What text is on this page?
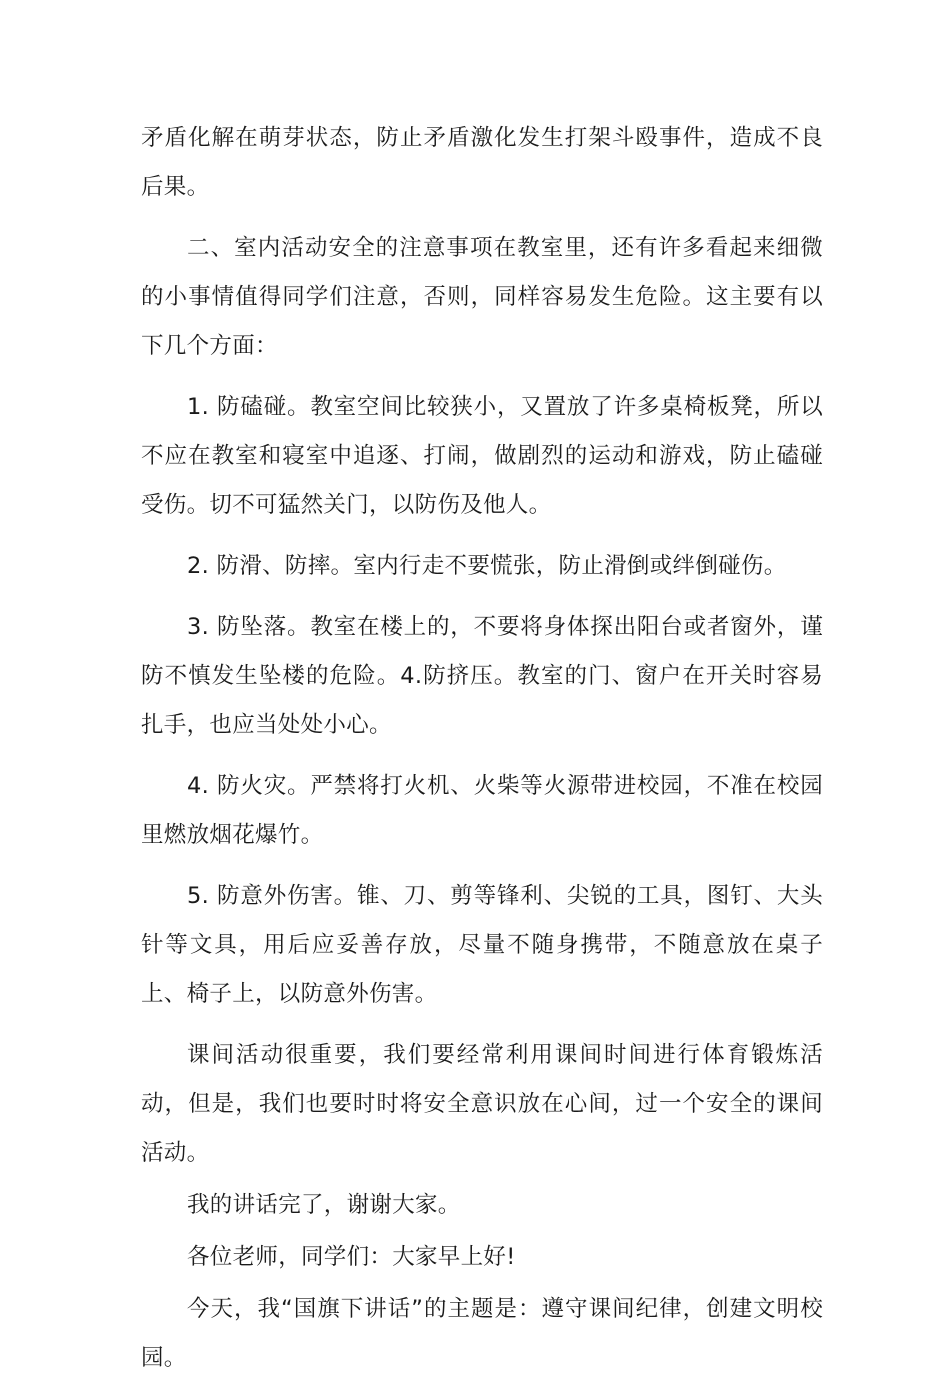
矛盾化解在萌芽状态，防止矛盾激化发生打架斗殴事件，造成不良后果。

二、室内活动安全的注意事项在教室里，还有许多看起来细微的小事情值得同学们注意，否则，同样容易发生危险。这主要有以下几个方面：

1. 防磕碰。教室空间比较狭小，又置放了许多桌椅板凳，所以不应在教室和寝室中追逐、打闹，做剧烈的运动和游戏，防止磕碰受伤。切不可猛然关门，以防伤及他人。

2. 防滑、防摔。室内行走不要慌张，防止滑倒或绊倒碰伤。

3. 防坠落。教室在楼上的，不要将身体探出阳台或者窗外，谨防不慎发生坠楼的危险。4.防挤压。教室的门、窗户在开关时容易扎手，也应当处处小心。

4. 防火灾。严禁将打火机、火柴等火源带进校园，不准在校园里燃放烟花爆竹。

5. 防意外伤害。锥、刀、剪等锋利、尖锐的工具，图钉、大头针等文具，用后应妥善存放，尽量不随身携带，不随意放在桌子上、椅子上，以防意外伤害。

课间活动很重要，我们要经常利用课间时间进行体育锻炼活动，但是，我们也要时时将安全意识放在心间，过一个安全的课间活动。

我的讲话完了，谢谢大家。

各位老师，同学们：大家早上好!

今天，我“国旗下讲话”的主题是：遵守课间纪律，创建文明校园。
